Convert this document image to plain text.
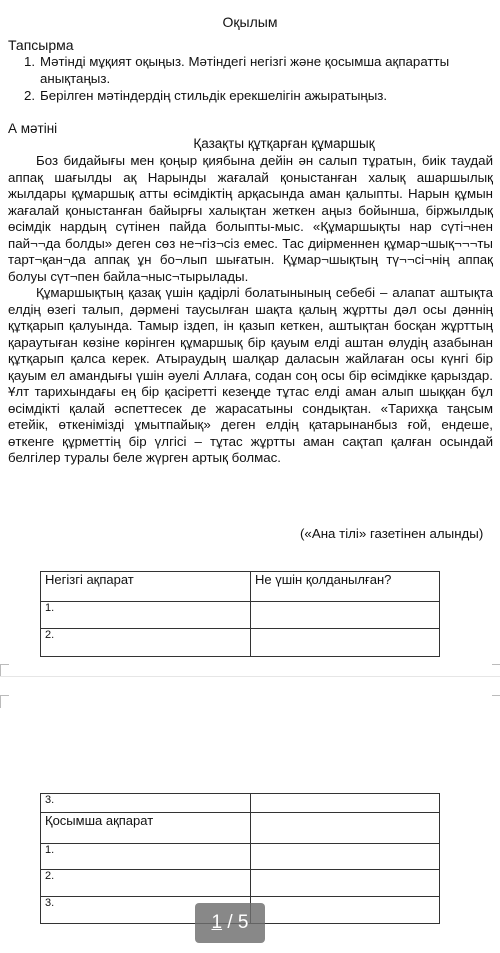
Оқылым
Тапсырма
1. Мәтінді мұқият оқыңыз. Мәтіндегі негізгі және қосымша ақпаратты анықтаңыз.
2. Берілген мәтіндердің стильдік ерекшелігін ажыратыңыз.
А мәтіні
Қазақты құтқарған құмаршық

Боз бидайығы мен қоңыр қиябына дейін ән салып тұратын, биік таудай аппақ шағылды ақ Нарынды жағалай қоныстанған халық ашаршылық жылдары құмаршық атты өсімдіктің арқасында аман қалыпты. Нарын құмын жағалай қоныстанған байырғы халықтан жеткен аңыз бойынша, біржылдық өсімдік нардың сүтінен пайда болыпты-мыс. «Құмаршықты нар сүті¬нен пай¬¬да болды» деген сөз не¬гіз¬сіз емес. Тас диірменнен құмар¬шық¬¬¬ты тарт¬қан¬да аппақ ұн бо¬лып шығатын. Құмар¬шықтың тү¬¬сі¬нің аппақ болуы сүт¬пен байла¬ныс¬тырылады.

Құмаршықтың қазақ үшін қадірлі болатынының себебі – алапат аштықта елдің өзегі талып, дәрмені таусылған шақта қалың жұртты дәл осы дәннің құтқарып қалуында. Тамыр іздеп, ін қазып кеткен, аштықтан босқан жұрттың қараутыған көзіне көрінген құмаршық бір қауым елді аштан өлудің азабынан құтқарып қалса керек. Атыраудың шалқар даласын жайлаған осы күнгі бір қауым ел амандығы үшін әуелі Аллаға, содан соң осы бір өсімдікке қарыздар. Ұлт тарихындағы ең бір қасіретті кезеңде тұтас елді аман алып шыққан бұл өсімдікті қалай әспеттесек де жарасатыны сондықтан. «Тарихқа таңсым етейік, өткенімізді ұмытпайық» деген елдің қатарынанбыз ғой, ендеше, өткенге құрметтің бір үлгісі – тұтас жұртты аман сақтап қалған осындай белгілер туралы беле жүрген артық болмас.

(«Ана тілі» газетінен алынды)
Негізгі ақпарат	Не үшін қолданылған?
1.	
2.	
3.	
Қосымша ақпарат	
1.	
2.	
3.	
1 / 5
